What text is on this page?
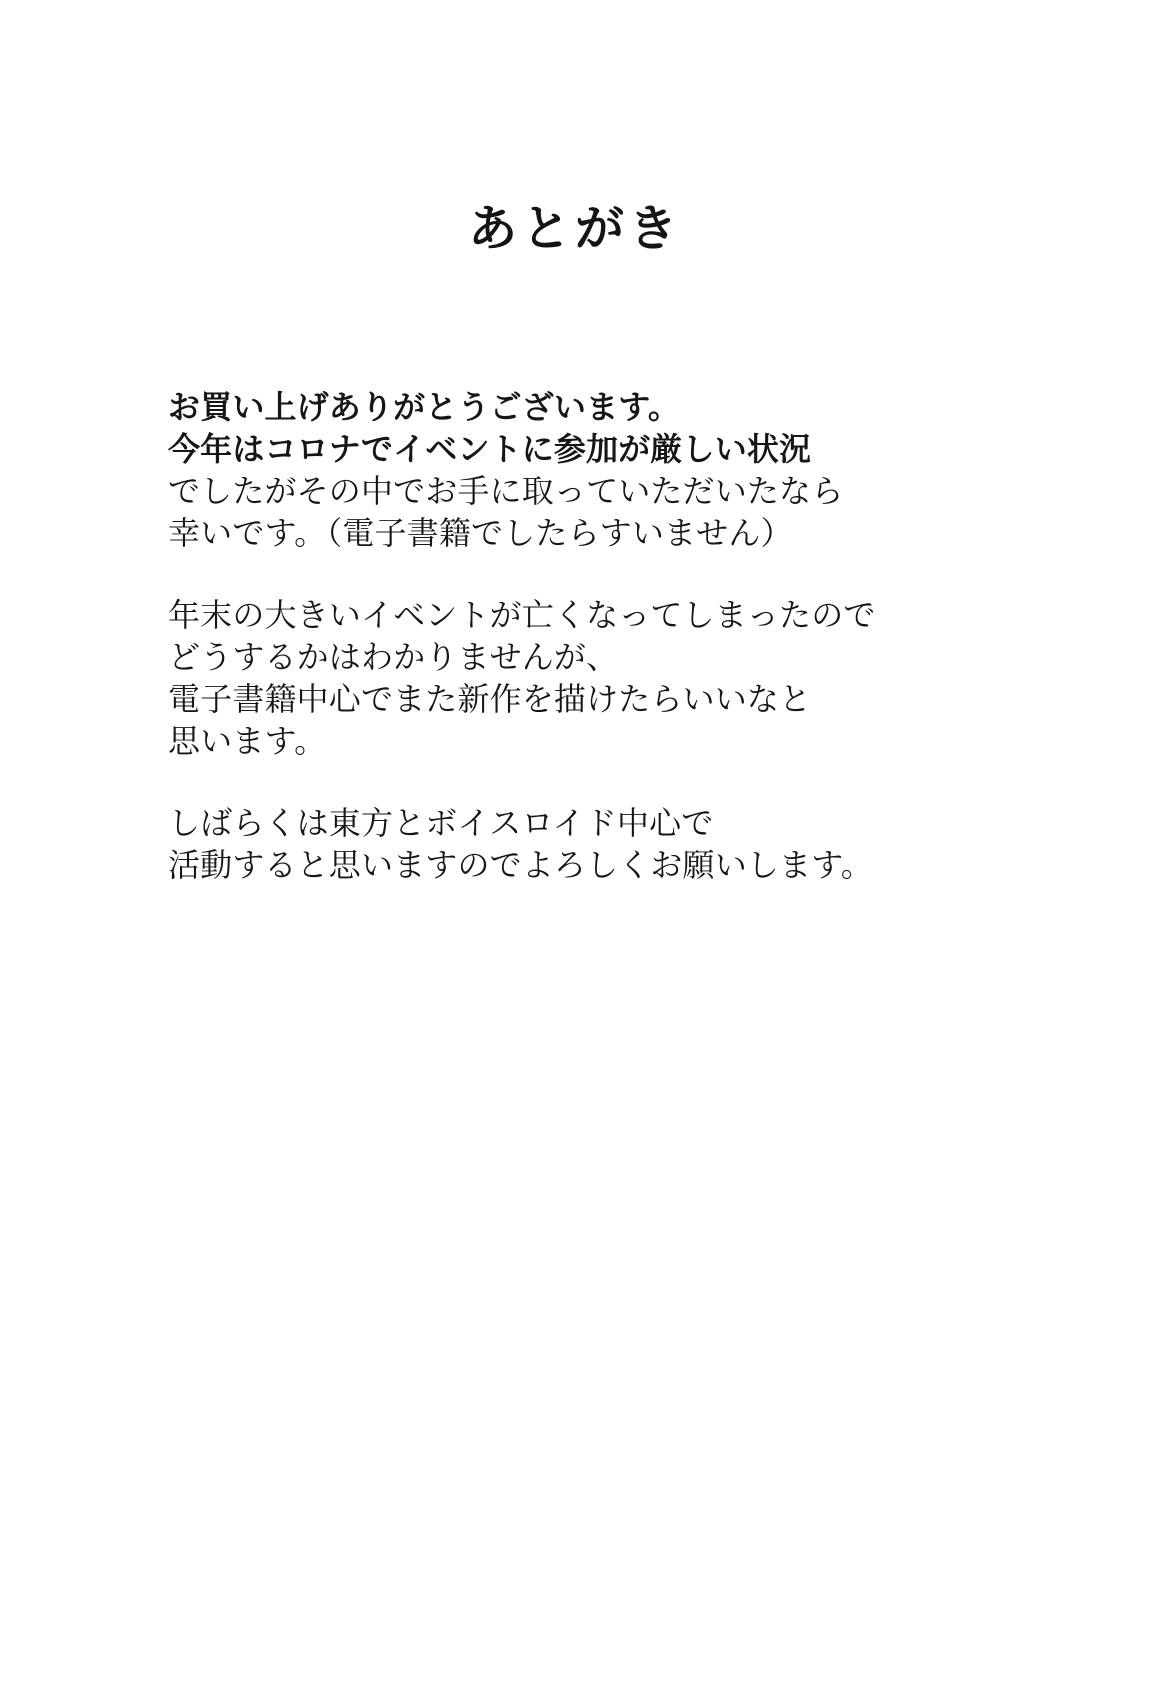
あとがき
お買い上げありがとうございます。
今年はコロナでイベントに参加が厳しい状況
でしたがその中でお手に取っていただいたなら
幸いです。（電子書籍でしたらすいません）
年末の大きいイベントが亡くなってしまったので
どうするかはわかりませんが、
電子書籍中心でまた新作を描けたらいいなと
思います。
しばらくは東方とボイスロイド中心で
活動すると思いますのでよろしくお願いします。
